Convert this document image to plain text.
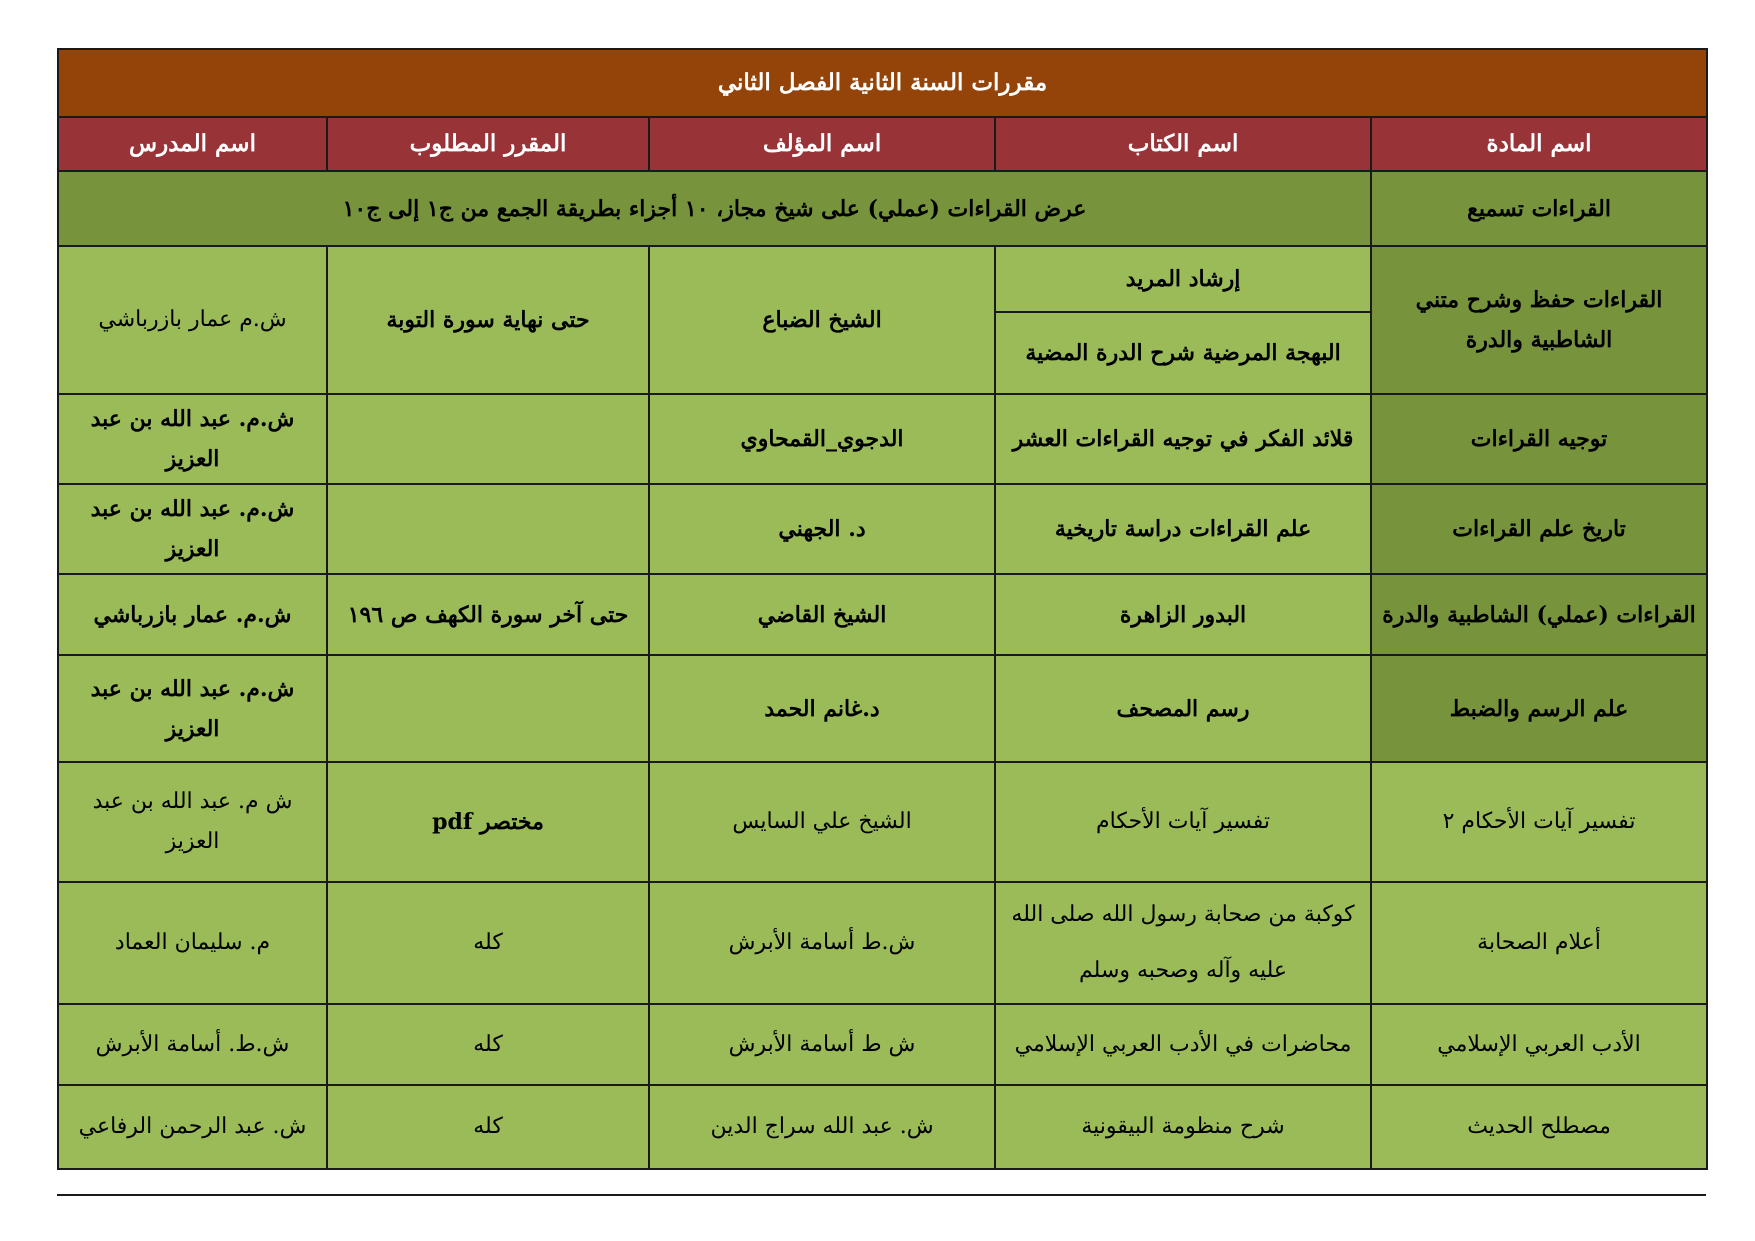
مقررات السنة الثانية الفصل الثاني				
اسم المادة	اسم الكتاب	اسم المؤلف	المقرر المطلوب	اسم المدرس
القراءات تسميع	عرض القراءات (عملي) على شيخ مجاز، ١٠ أجزاء بطريقة الجمع من ج١ إلى ج١٠			
القراءات حفظ وشرح متني الشاطبية والدرة	إرشاد المريد	الشيخ الضباع	حتى نهاية سورة التوبة	ش.م عمار بازرباشي
	البهجة المرضية شرح الدرة المضية			
توجيه القراءات	قلائد الفكر في توجيه القراءات العشر	الدجوي_القمحاوي		ش.م. عبد الله بن عبد العزيز
تاريخ علم القراءات	علم القراءات دراسة تاريخية	د. الجهني		ش.م. عبد الله بن عبد العزيز
القراءات (عملي) الشاطبية والدرة	البدور الزاهرة	الشيخ القاضي	حتى آخر سورة الكهف ص ١٩٦	ش.م. عمار بازرباشي
علم الرسم والضبط	رسم المصحف	د.غانم الحمد		ش.م. عبد الله بن عبد العزيز
تفسير آيات الأحكام ٢	تفسير آيات الأحكام	الشيخ علي السايس	مختصر pdf	ش م. عبد الله بن عبد العزيز
أعلام الصحابة	كوكبة من صحابة رسول الله صلى الله عليه وآله وصحبه وسلم	ش.ط أسامة الأبرش	كله	م. سليمان العماد
الأدب العربي الإسلامي	محاضرات في الأدب العربي الإسلامي	ش ط أسامة الأبرش	كله	ش.ط. أسامة الأبرش
مصطلح الحديث	شرح منظومة البيقونية	ش. عبد الله سراج الدين	كله	ش. عبد الرحمن الرفاعي
